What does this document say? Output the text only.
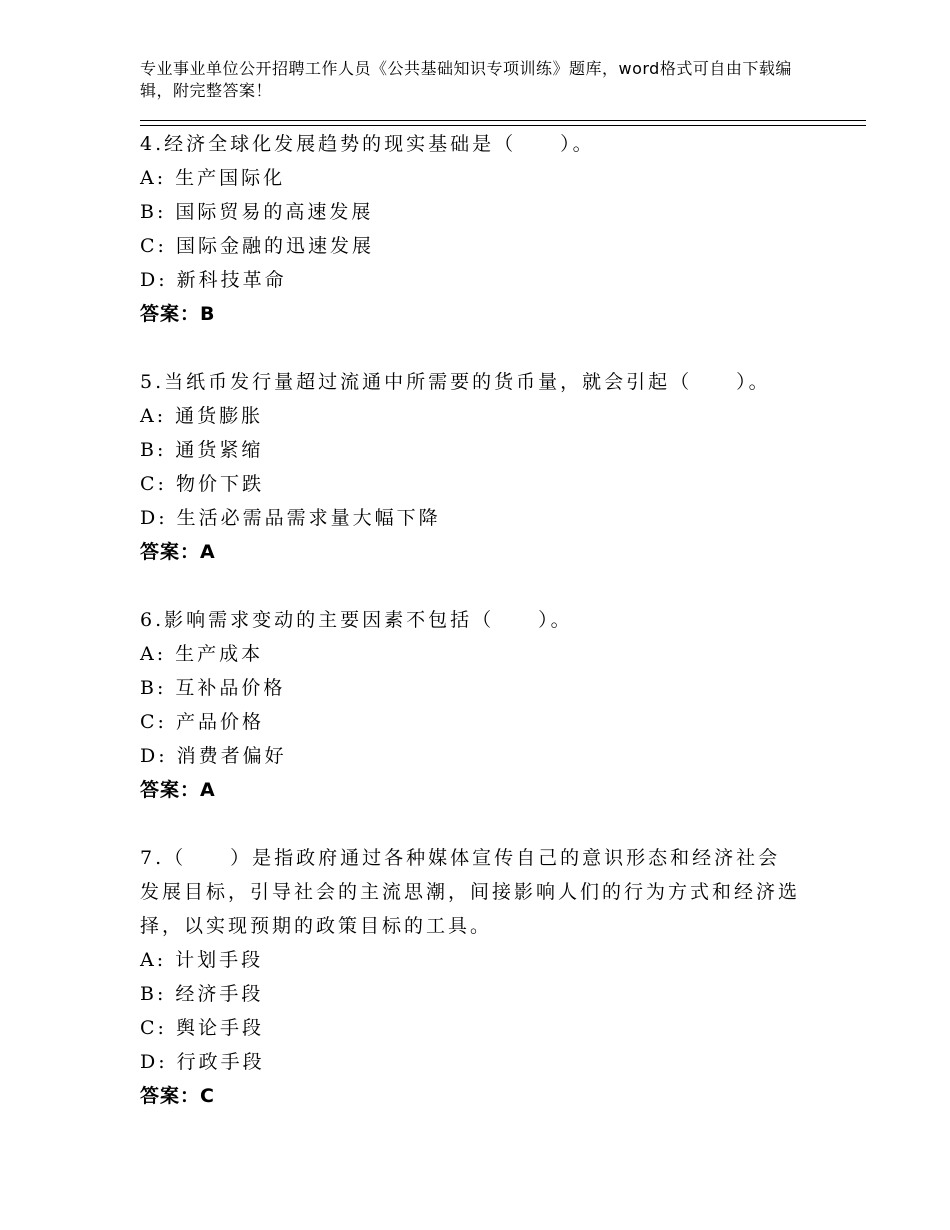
专业事业单位公开招聘工作人员《公共基础知识专项训练》题库，word格式可自由下载编辑，附完整答案！
4.经济全球化发展趋势的现实基础是（　　）。
A: 生产国际化
B: 国际贸易的高速发展
C: 国际金融的迅速发展
D: 新科技革命
答案：B
5.当纸币发行量超过流通中所需要的货币量，就会引起（　　）。
A: 通货膨胀
B: 通货紧缩
C: 物价下跌
D: 生活必需品需求量大幅下降
答案：A
6.影响需求变动的主要因素不包括（　　）。
A: 生产成本
B: 互补品价格
C: 产品价格
D: 消费者偏好
答案：A
7.（　　）是指政府通过各种媒体宣传自己的意识形态和经济社会发展目标，引导社会的主流思潮，间接影响人们的行为方式和经济选择，以实现预期的政策目标的工具。
A: 计划手段
B: 经济手段
C: 舆论手段
D: 行政手段
答案：C
